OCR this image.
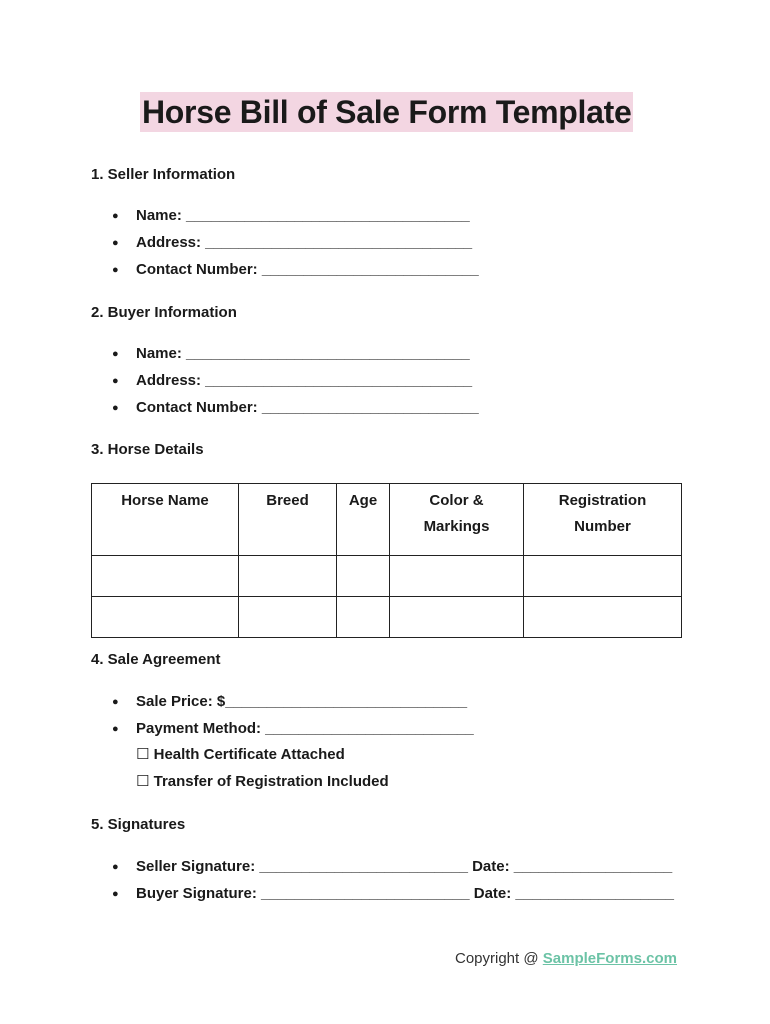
Horse Bill of Sale Form Template
1. Seller Information
● Name: __________________________________
● Address: ________________________________
● Contact Number: __________________________
2. Buyer Information
● Name: __________________________________
● Address: ________________________________
● Contact Number: __________________________
3. Horse Details
Horse Name	Breed	Age	Color & Markings	Registration Number

4. Sale Agreement
● Sale Price: $_____________________________
● Payment Method: _________________________
☐ Health Certificate Attached
☐ Transfer of Registration Included
5. Signatures
● Seller Signature: _________________________ Date: ___________________
● Buyer Signature: _________________________ Date: ___________________
Copyright @ SampleForms.com
